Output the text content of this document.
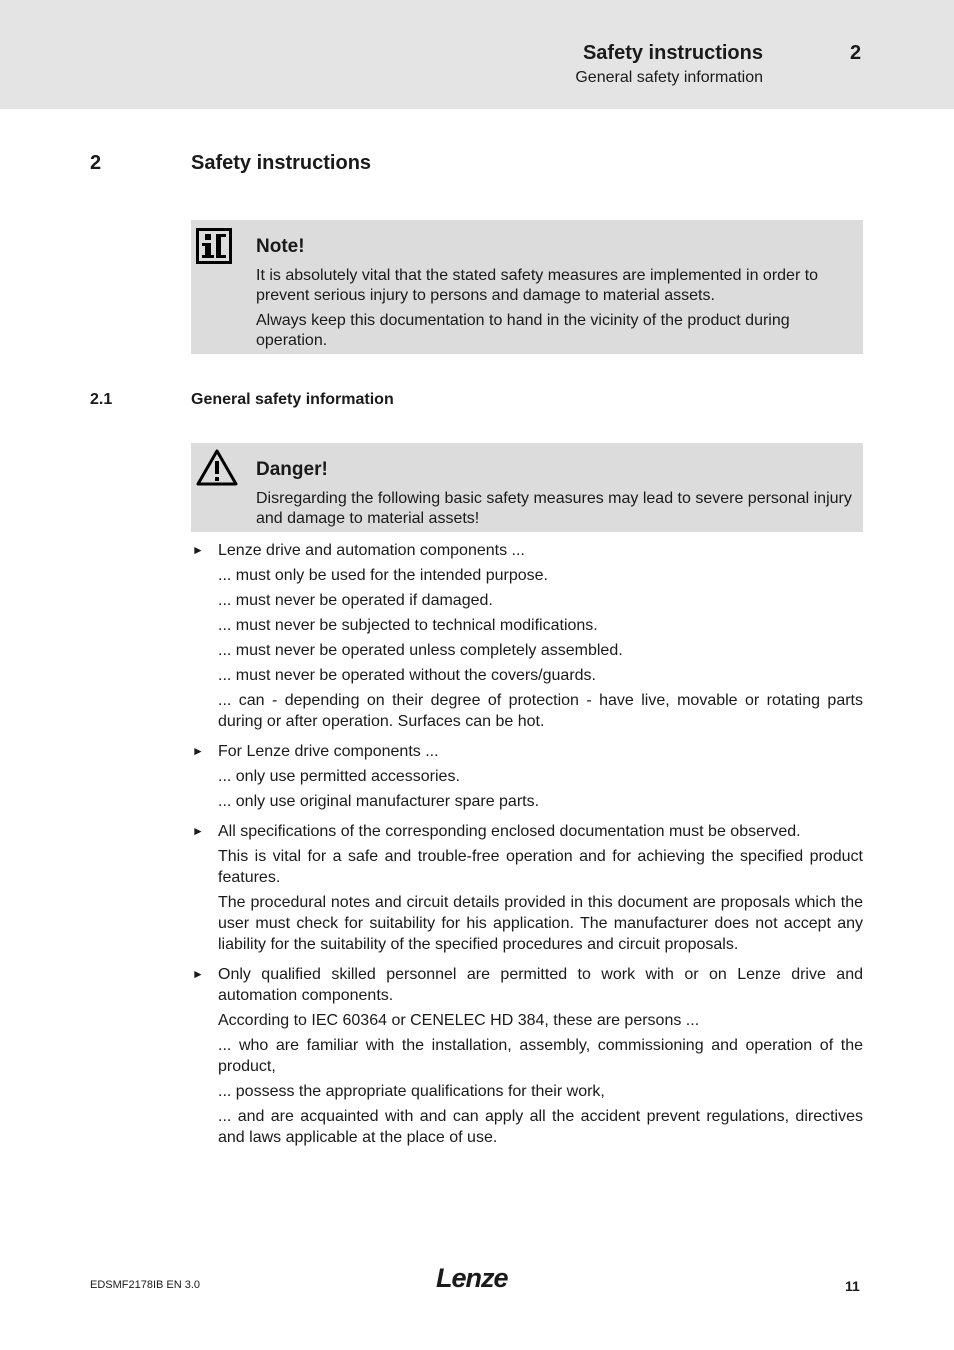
Safety instructions
General safety information
2
2	Safety instructions
Note!

It is absolutely vital that the stated safety measures are implemented in order to prevent serious injury to persons and damage to material assets.

Always keep this documentation to hand in the vicinity of the product during operation.

2.1	General safety information
Danger!
Disregarding the following basic safety measures may lead to severe personal injury and damage to material assets!
► Lenze drive and automation components ...

... must only be used for the intended purpose.

... must never be operated if damaged.

... must never be subjected to technical modifications.

... must never be operated unless completely assembled.

... must never be operated without the covers/guards.

... can - depending on their degree of protection - have live, movable or rotating parts during or after operation. Surfaces can be hot.

► For Lenze drive components ...

... only use permitted accessories.

... only use original manufacturer spare parts.

► All specifications of the corresponding enclosed documentation must be observed.

This is vital for a safe and trouble-free operation and for achieving the specified product features.

The procedural notes and circuit details provided in this document are proposals which the user must check for suitability for his application. The manufacturer does not accept any liability for the suitability of the specified procedures and circuit proposals.

► Only qualified skilled personnel are permitted to work with or on Lenze drive and automation components.

According to IEC 60364 or CENELEC HD 384, these are persons ...

... who are familiar with the installation, assembly, commissioning and operation of the product,

... possess the appropriate qualifications for their work,

... and are acquainted with and can apply all the accident prevent regulations, directives and laws applicable at the place of use.

EDSMF2178IB EN 3.0	Lenze	11
